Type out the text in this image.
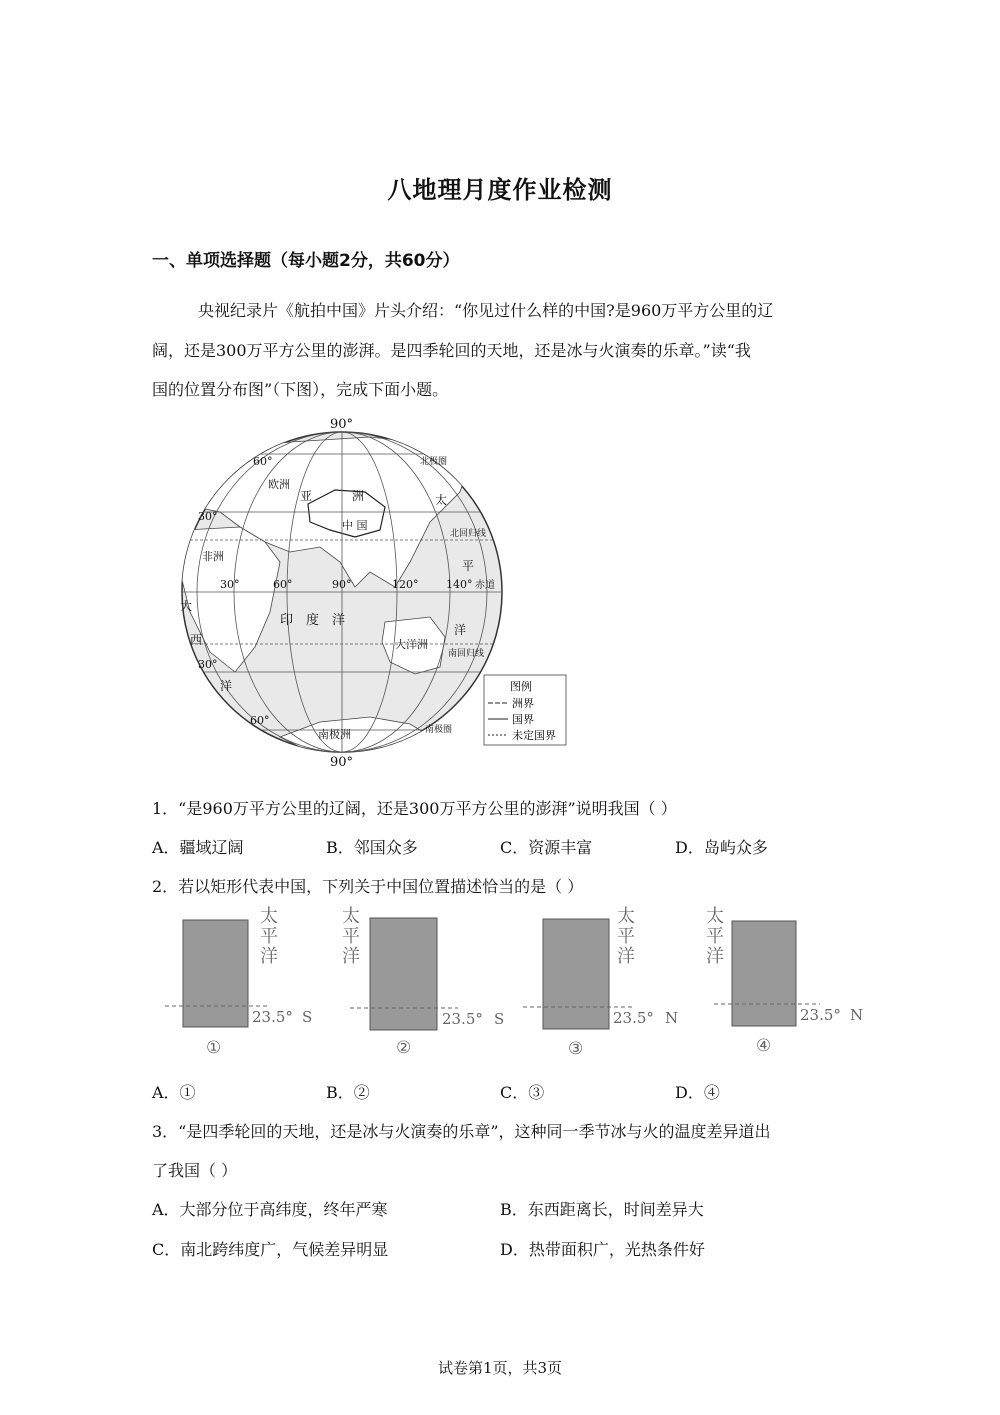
八地理月度作业检测
一、单项选择题（每小题2分，共60分）
央视纪录片《航拍中国》片头介绍：“你见过什么样的中国?是960万平方公里的辽
阔，还是300万平方公里的澎湃。是四季轮回的天地，还是冰与火演奏的乐章。”读“我
国的位置分布图”（下图），完成下面小题。
90°
90°
60°
30°
30°
60°
30°	60°	90°	120°	140° 赤道
北极圈
北回归线
南回归线
南极圈
欧洲
亚	洲
中 国
非洲
印　度　洋
大洋洲
南极洲
太
平
洋
大
西
洋	图例
洲界
国界
未定国界
1．“是960万平方公里的辽阔，还是300万平方公里的澎湃”说明我国（ ）
A．疆域辽阔	B．邻国众多	C．资源丰富	D．岛屿众多
2．若以矩形代表中国，下列关于中国位置描述恰当的是（ ）
太
平
洋
23.5° S
①
太
平
洋
23.5° S
②
太
平
洋
23.5° N
③
太
平
洋
23.5° N
④
A．①	B．②	C．③	D．④
3．“是四季轮回的天地，还是冰与火演奏的乐章”，这种同一季节冰与火的温度差异道出
了我国（ ）
A．大部分位于高纬度，终年严寒	B．东西距离长，时间差异大
C．南北跨纬度广，气候差异明显	D．热带面积广，光热条件好
试卷第1页，共3页
